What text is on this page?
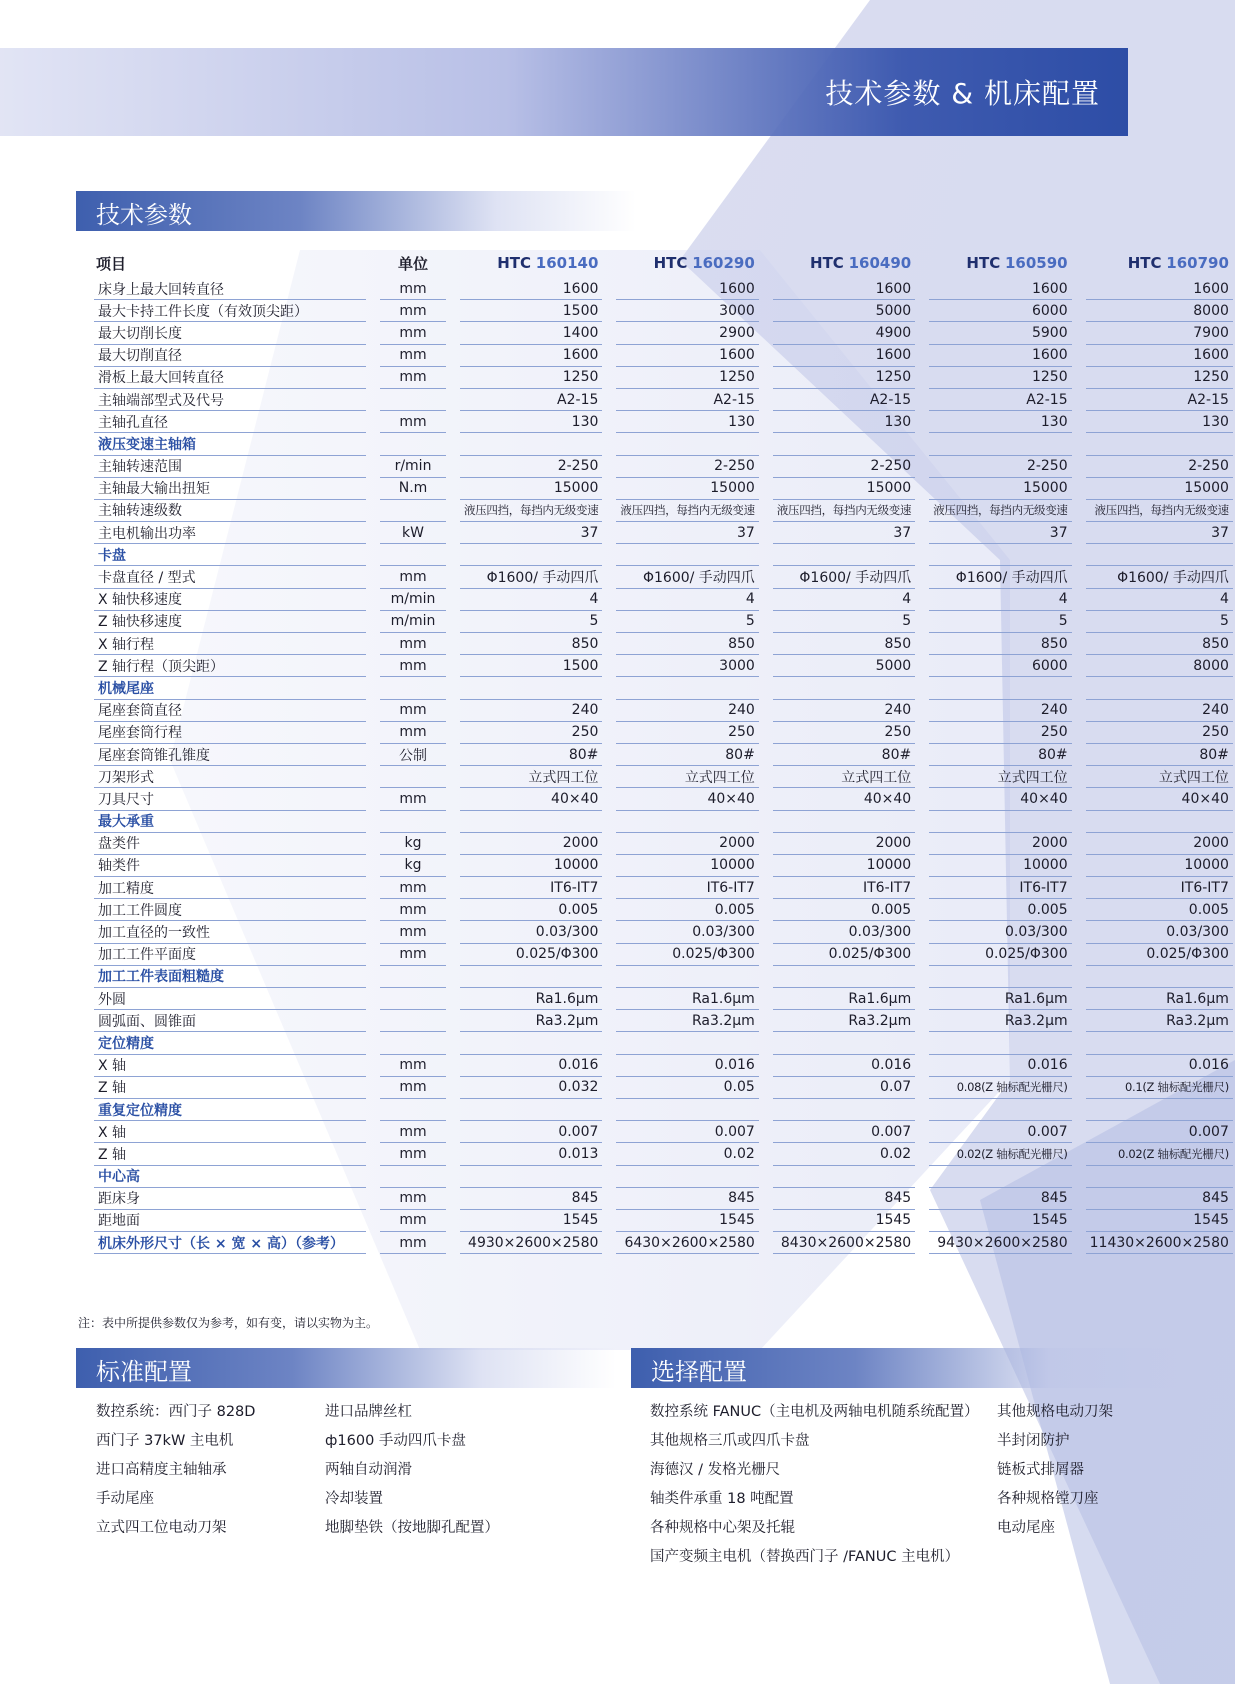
技术参数 & 机床配置
技术参数
项目		单位		HTC 160140		HTC 160290		HTC 160490		HTC 160590		HTC 160790
床身上最大回转直径		mm		1600		1600		1600		1600		1600
最大卡持工件长度（有效顶尖距）		mm		1500		3000		5000		6000		8000
最大切削长度		mm		1400		2900		4900		5900		7900
最大切削直径		mm		1600		1600		1600		1600		1600
滑板上最大回转直径		mm		1250		1250		1250		1250		1250
主轴端部型式及代号				A2-15		A2-15		A2-15		A2-15		A2-15
主轴孔直径		mm		130		130		130		130		130
液压变速主轴箱												
主轴转速范围		r/min		2-250		2-250		2-250		2-250		2-250
主轴最大输出扭矩		N.m		15000		15000		15000		15000		15000
主轴转速级数				液压四挡，每挡内无级变速		液压四挡，每挡内无级变速		液压四挡，每挡内无级变速		液压四挡，每挡内无级变速		液压四挡，每挡内无级变速
主电机输出功率		kW		37		37		37		37		37
卡盘												
卡盘直径 / 型式		mm		Φ1600/ 手动四爪		Φ1600/ 手动四爪		Φ1600/ 手动四爪		Φ1600/ 手动四爪		Φ1600/ 手动四爪
X 轴快移速度		m/min		4		4		4		4		4
Z 轴快移速度		m/min		5		5		5		5		5
X 轴行程		mm		850		850		850		850		850
Z 轴行程（顶尖距）		mm		1500		3000		5000		6000		8000
机械尾座												
尾座套筒直径		mm		240		240		240		240		240
尾座套筒行程		mm		250		250		250		250		250
尾座套筒锥孔锥度		公制		80#		80#		80#		80#		80#
刀架形式				立式四工位		立式四工位		立式四工位		立式四工位		立式四工位
刀具尺寸		mm		40×40		40×40		40×40		40×40		40×40
最大承重												
盘类件		kg		2000		2000		2000		2000		2000
轴类件		kg		10000		10000		10000		10000		10000
加工精度		mm		IT6-IT7		IT6-IT7		IT6-IT7		IT6-IT7		IT6-IT7
加工工件圆度		mm		0.005		0.005		0.005		0.005		0.005
加工直径的一致性		mm		0.03/300		0.03/300		0.03/300		0.03/300		0.03/300
加工工件平面度		mm		0.025/Φ300		0.025/Φ300		0.025/Φ300		0.025/Φ300		0.025/Φ300
加工工件表面粗糙度												
外圆				Ra1.6μm		Ra1.6μm		Ra1.6μm		Ra1.6μm		Ra1.6μm
圆弧面、圆锥面				Ra3.2μm		Ra3.2μm		Ra3.2μm		Ra3.2μm		Ra3.2μm
定位精度												
X 轴		mm		0.016		0.016		0.016		0.016		0.016
Z 轴		mm		0.032		0.05		0.07		0.08(Z 轴标配光栅尺)		0.1(Z 轴标配光栅尺)
重复定位精度												
X 轴		mm		0.007		0.007		0.007		0.007		0.007
Z 轴		mm		0.013		0.02		0.02		0.02(Z 轴标配光栅尺)		0.02(Z 轴标配光栅尺)
中心高												
距床身		mm		845		845		845		845		845
距地面		mm		1545		1545		1545		1545		1545
机床外形尺寸（长 × 宽 × 高）（参考）		mm		4930×2600×2580		6430×2600×2580		8430×2600×2580		9430×2600×2580		11430×2600×2580
注：表中所提供参数仅为参考，如有变，请以实物为主。
标准配置
数控系统：西门子 828D
西门子 37kW 主电机
进口高精度主轴轴承
手动尾座
立式四工位电动刀架
进口品牌丝杠
ф1600 手动四爪卡盘
两轴自动润滑
冷却装置
地脚垫铁（按地脚孔配置）
选择配置
数控系统 FANUC（主电机及两轴电机随系统配置）
其他规格三爪或四爪卡盘
海德汉 / 发格光栅尺
轴类件承重 18 吨配置
各种规格中心架及托辊
国产变频主电机（替换西门子 /FANUC 主电机）
其他规格电动刀架
半封闭防护
链板式排屑器
各种规格镗刀座
电动尾座
